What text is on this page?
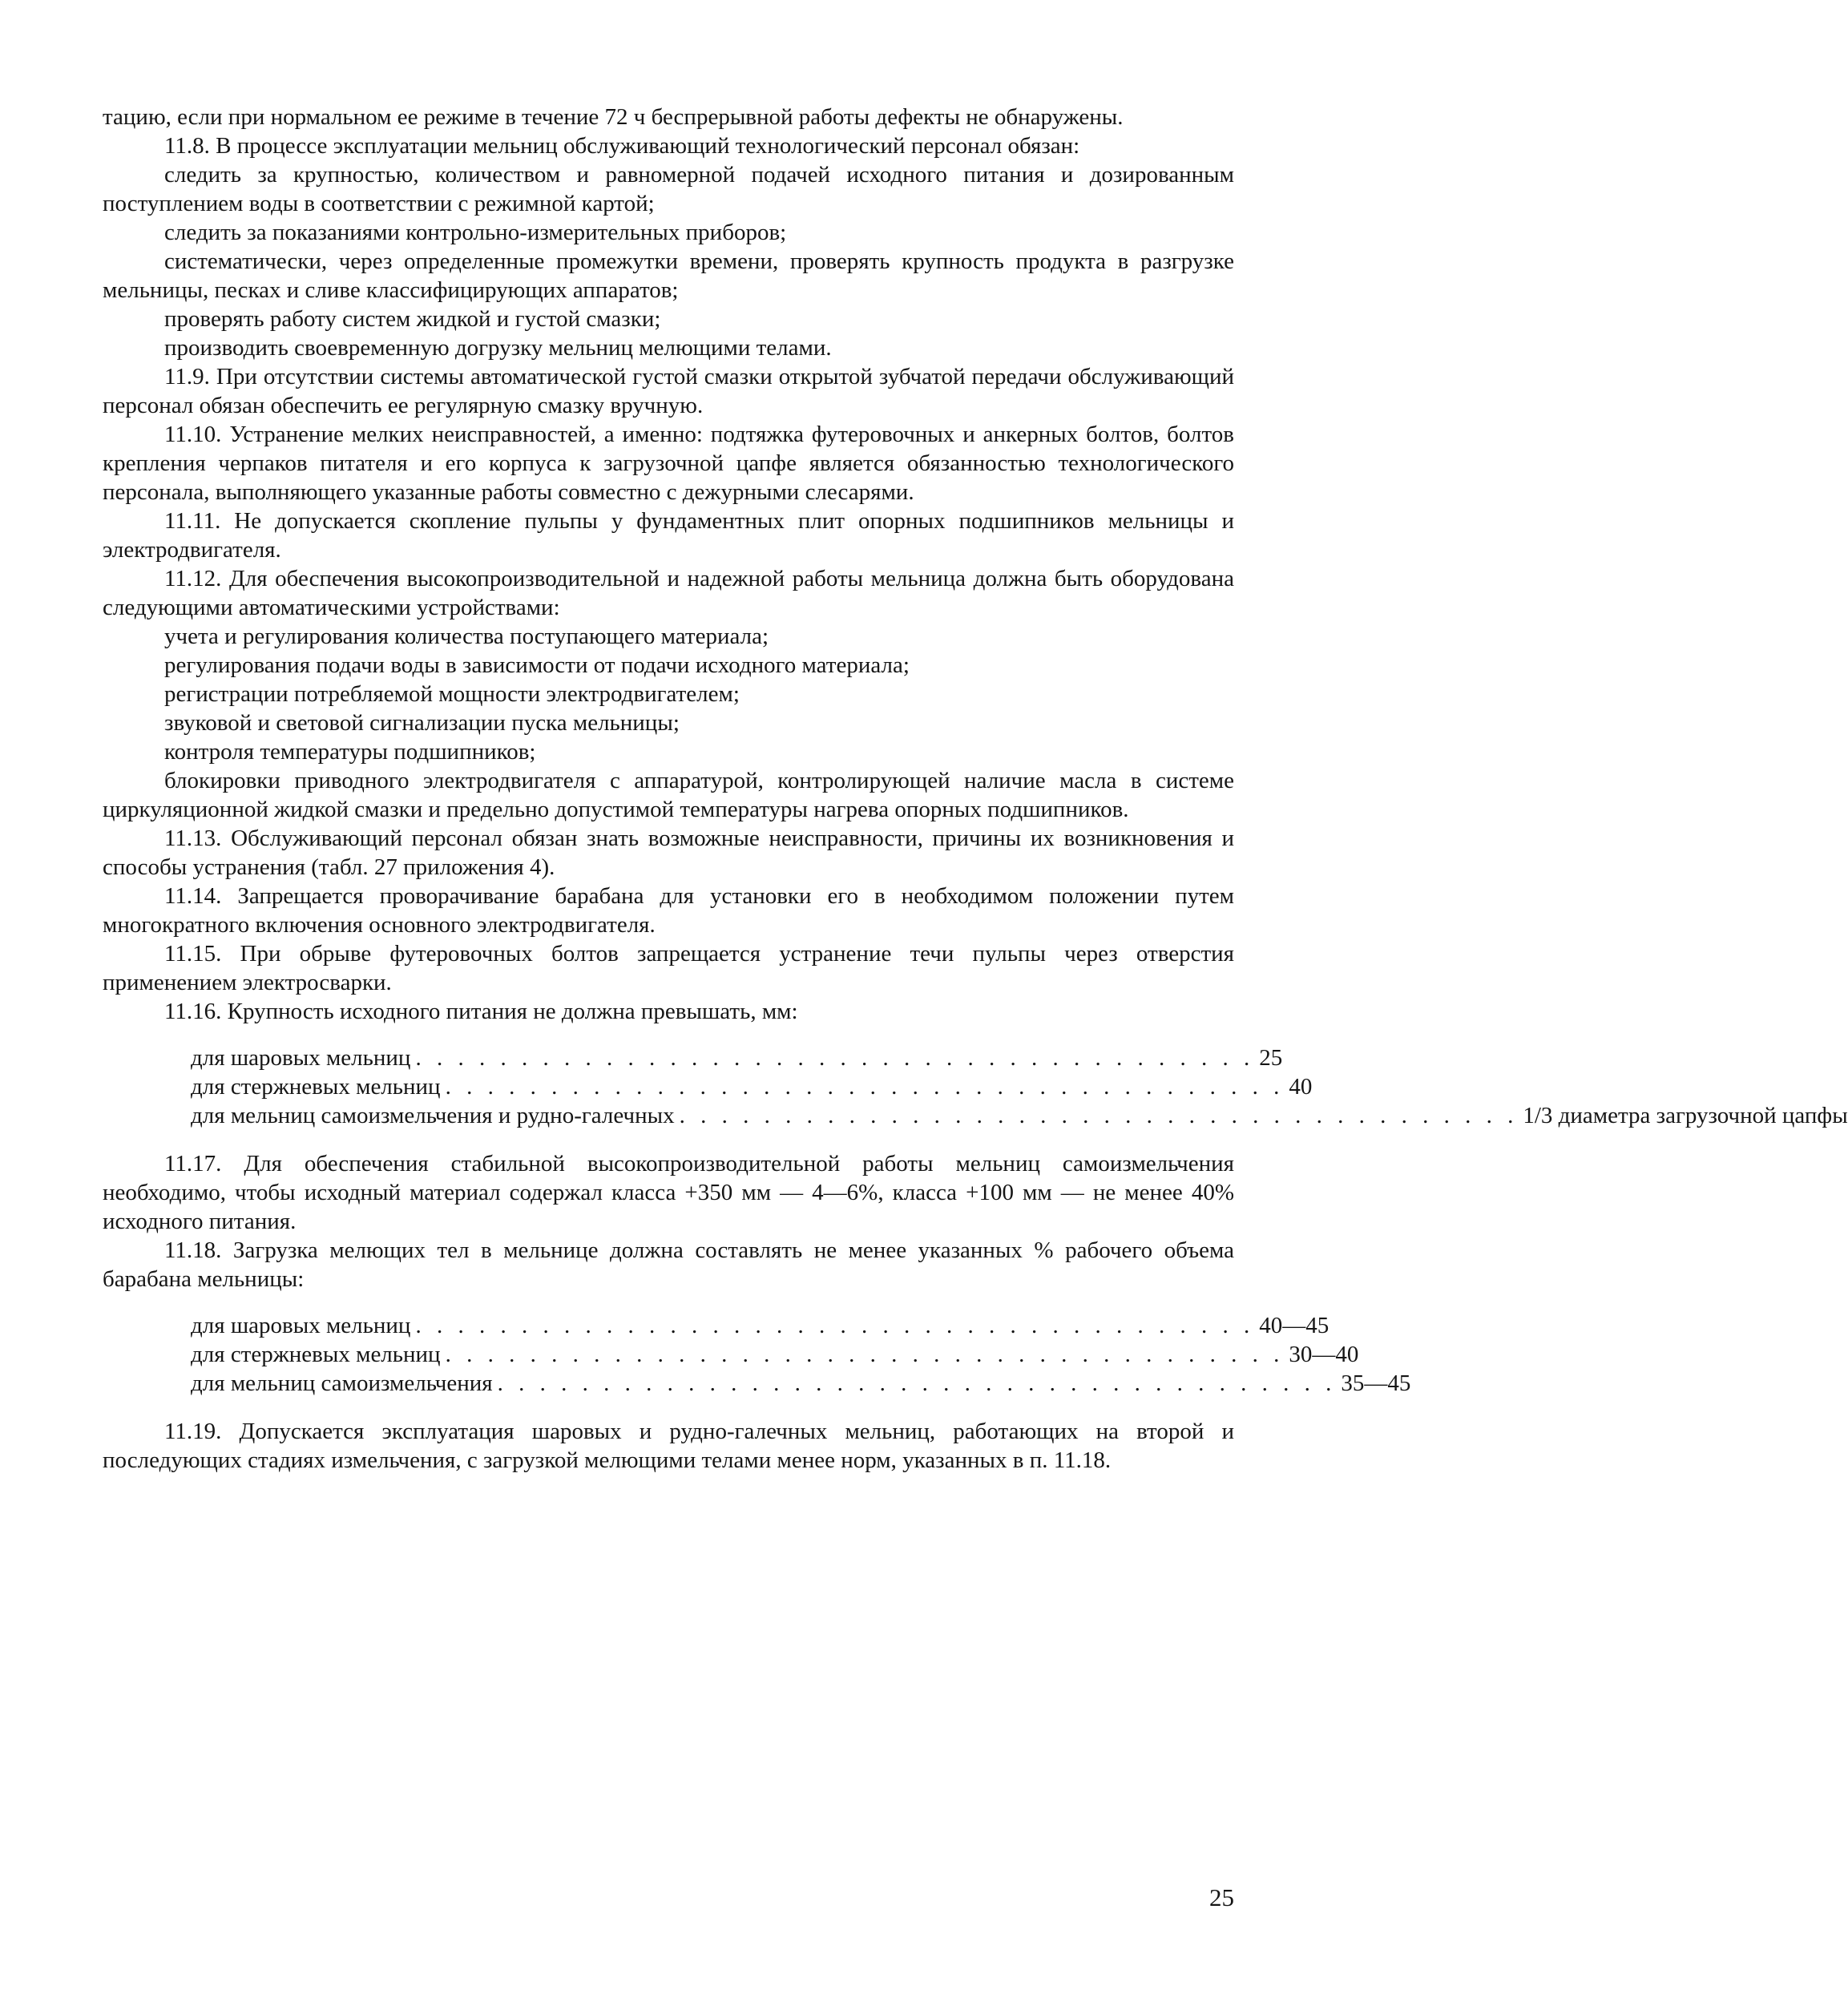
тацию, если при нормальном ее режиме в течение 72 ч беспрерывной работы дефекты не обнаружены.

11.8. В процессе эксплуатации мельниц обслуживающий технологический персонал обязан:

следить за крупностью, количеством и равномерной подачей исходного питания и дозированным поступлением воды в соответствии с режимной картой;

следить за показаниями контрольно-измерительных приборов;

систематически, через определенные промежутки времени, проверять крупность продукта в разгрузке мельницы, песках и сливе классифицирующих аппаратов;

проверять работу систем жидкой и густой смазки;

производить своевременную догрузку мельниц мелющими телами.

11.9. При отсутствии системы автоматической густой смазки открытой зубчатой передачи обслуживающий персонал обязан обеспечить ее регулярную смазку вручную.

11.10. Устранение мелких неисправностей, а именно: подтяжка футеровочных и анкерных болтов, болтов крепления черпаков питателя и его корпуса к загрузочной цапфе является обязанностью технологического персонала, выполняющего указанные работы совместно с дежурными слесарями.

11.11. Не допускается скопление пульпы у фундаментных плит опорных подшипников мельницы и электродвигателя.

11.12. Для обеспечения высокопроизводительной и надежной работы мельница должна быть оборудована следующими автоматическими устройствами:

учета и регулирования количества поступающего материала;

регулирования подачи воды в зависимости от подачи исходного материала;

регистрации потребляемой мощности электродвигателем;

звуковой и световой сигнализации пуска мельницы;

контроля температуры подшипников;

блокировки приводного электродвигателя с аппаратурой, контролирующей наличие масла в системе циркуляционной жидкой смазки и предельно допустимой температуры нагрева опорных подшипников.

11.13. Обслуживающий персонал обязан знать возможные неисправности, причины их возникновения и способы устранения (табл. 27 приложения 4).

11.14. Запрещается проворачивание барабана для установки его в необходимом положении путем многократного включения основного электродвигателя.

11.15. При обрыве футеровочных болтов запрещается устранение течи пульпы через отверстия применением электросварки.

11.16. Крупность исходного питания не должна превышать, мм:

для шаровых мельниц . . . . . . . . . . . . . . . . . . . . . . . . . . . . . . . . . . . . . . . . 25
для стержневых мельниц . . . . . . . . . . . . . . . . . . . . . . . . . . . . . . . . . . . . . . . . 40
для мельниц самоизмельчения и рудно-галечных . . . . . . . . . . . . . . . . . . . . . . . . . . . . . . . . . . . . . . . . 1/3 диаметра загрузочной цапфы

11.17. Для обеспечения стабильной высокопроизводительной работы мельниц самоизмельчения необходимо, чтобы исходный материал содержал класса +350 мм — 4—6%, класса +100 мм — не менее 40% исходного питания.

11.18. Загрузка мелющих тел в мельнице должна составлять не менее указанных % рабочего объема барабана мельницы:

для шаровых мельниц . . . . . . . . . . . . . . . . . . . . . . . . . . . . . . . . . . . . . . . . 40—45
для стержневых мельниц . . . . . . . . . . . . . . . . . . . . . . . . . . . . . . . . . . . . . . . . 30—40
для мельниц самоизмельчения . . . . . . . . . . . . . . . . . . . . . . . . . . . . . . . . . . . . . . . . 35—45

11.19. Допускается эксплуатация шаровых и рудно-галечных мельниц, работающих на второй и последующих стадиях измельчения, с загрузкой мелющими телами менее норм, указанных в п. 11.18.

25
